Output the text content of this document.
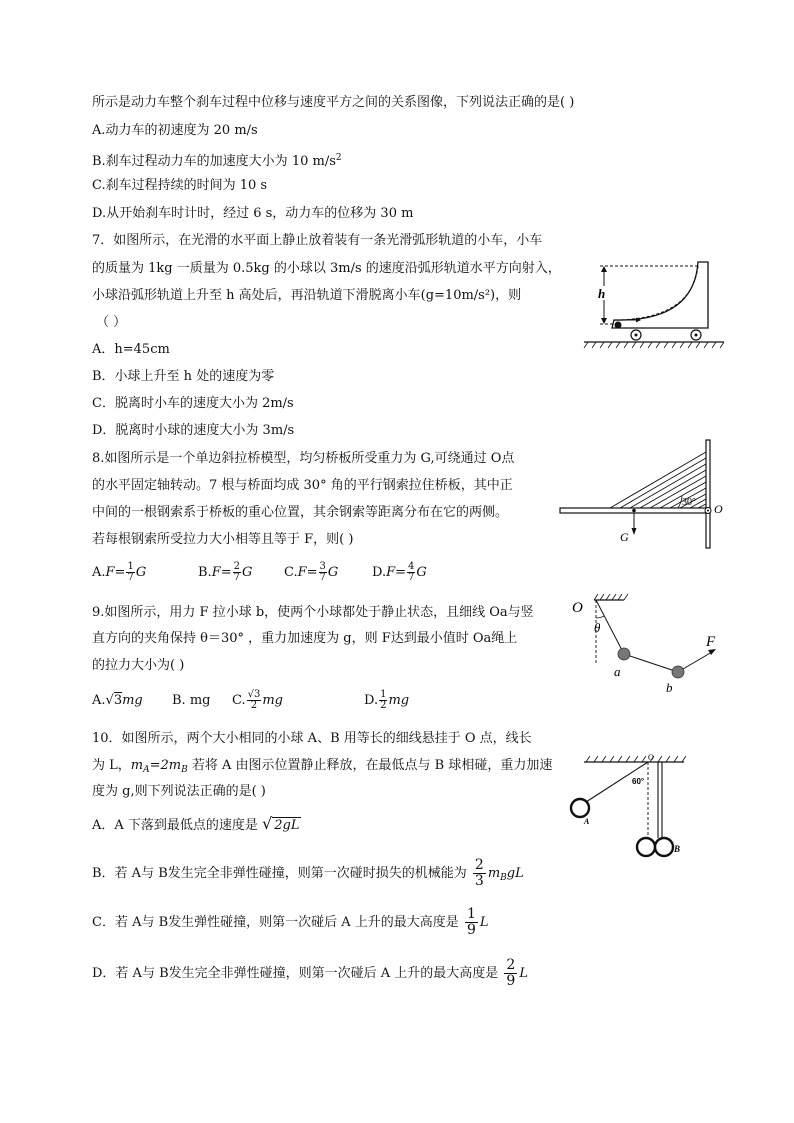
所示是动力车整个刹车过程中位移与速度平方之间的关系图像，下列说法正确的是( )
A.动力车的初速度为 20 m/s
B.刹车过程动力车的加速度大小为 10 $m/s^2$
C.刹车过程持续的时间为 10 s
D.从开始刹车时计时，经过 6 s，动力车的位移为 30 m
7．如图所示，在光滑的水平面上静止放着装有一条光滑弧形轨道的小车，小车
的质量为 1kg 一质量为 0.5kg 的小球以 3m/s 的速度沿弧形轨道水平方向射入，
小球沿弧形轨道上升至 h 高处后，再沿轨道下滑脱离小车(g=10m/s²)，则
（ ）
A．h=45cm
B．小球上升至 h 处的速度为零
C．脱离时小车的速度大小为 2m/s
D．脱离时小球的速度大小为 3m/s
h
8.如图所示是一个单边斜拉桥模型，均匀桥板所受重力为 G,可绕通过 O点
的水平固定轴转动。7 根与桥面均成 30° 角的平行钢索拉住桥板，其中正
中间的一根钢索系于桥板的重心位置，其余钢索等距离分布在它的两侧。
若每根钢索所受拉力大小相等且等于 F，则( )
$A.F= \frac{1}{7}$ G	$B.F= \frac{2}{7}$ G $C.F= \frac{3}{7}$ G	$D.F= \frac{4}{7}$ G
30° O
G
9.如图所示，用力 F 拉小球 b，使两个小球都处于静止状态，且细线 Oa与竖
直方向的夹角保持 θ＝30° ，重力加速度为 g，则 F达到最小值时 Oa绳上
的拉力大小为( )
A.√3mg B. mg C. $\frac{√3}{2}$ mg	D. $\frac{1}{2}$ mg
O
θ
F
a
b
10．如图所示，两个大小相同的小球 A、B 用等长的细线悬挂于 O 点，线长
为 L，$m_A=2m_B$ 若将 A 由图示位置静止释放，在最低点与 B 球相碰，重力加速
度为 g,则下列说法正确的是( )
A．A 下落到最低点的速度是 √ 2gL
B．若 A与 B发生完全非弹性碰撞，则第一次碰时损失的机械能为 $\frac{2}{3} m_BgL$
C．若 A与 B发生弹性碰撞，则第一次碰后 A 上升的最大高度是 $\frac{1}{9}$ L
D．若 A与 B发生完全非弹性碰撞，则第一次碰后 A 上升的最大高度是 $\frac{2}{9}$ L
O
60°
A
B
